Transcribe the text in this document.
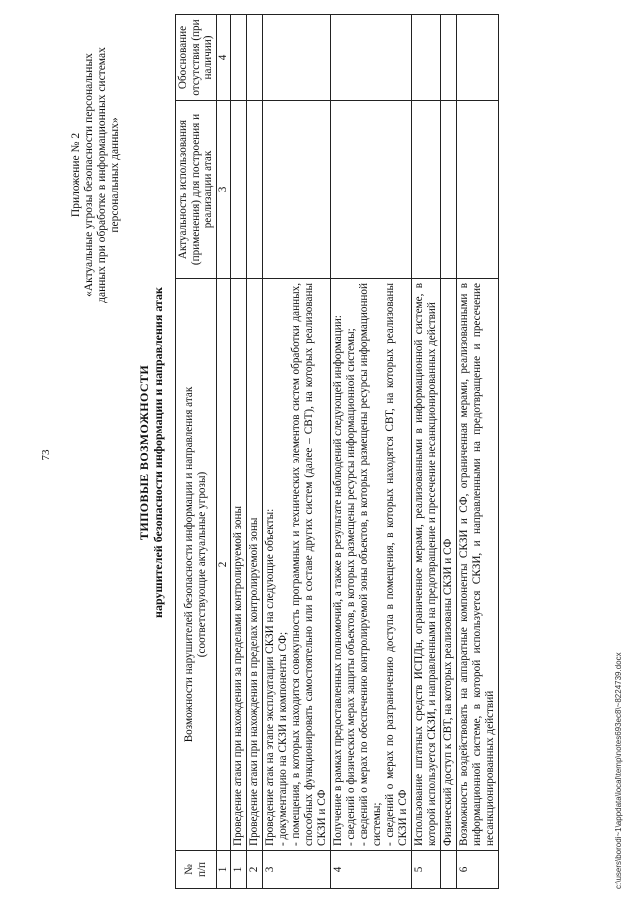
73
Приложение № 2 «Актуальные угрозы безопасности персональных данных при обработке в информационных системах персональных данных»
ТИПОВЫЕ ВОЗМОЖНОСТИ нарушителей безопасности информации и направления атак
№ п/п	Возможности нарушителей безопасности информации и направления атак (соответствующие актуальные угрозы)	Актуальность использования (применения) для построения и реализации атак	Обоснование отсутствия (при наличии)
1	2	3	4
1	Проведение атаки при нахождении за пределами контролируемой зоны		

2	Проведение атаки при нахождении в пределах контролируемой зоны		

3	Проведение атак на этапе эксплуатации СКЗИ на следующие объекты: - документацию на СКЗИ и компоненты СФ; - помещения, в которых находится совокупность программных и технических элементов систем обработки данных, способных функционировать самостоятельно или в составе других систем (далее – СВТ), на которых реализованы СКЗИ и СФ		

4	Получение в рамках предоставленных полномочий, а также в результате наблюдений следующей информации: - сведений о физических мерах защиты объектов, в которых размещены ресурсы информационной системы; - сведений о мерах по обеспечению контролируемой зоны объектов, в которых размещены ресурсы информационной системы; - сведений о мерах по разграничению доступа в помещения, в которых находятся СВТ, на которых реализованы СКЗИ и СФ		

5	Использование штатных средств ИСПДн, ограниченное мерами, реализованными в информационной системе, в которой используется СКЗИ, и направленными на предотвращение и пресечение несанкционированных действий		

	Физический доступ к СВТ, на которых реализованы СКЗИ и СФ		

6	Возможность воздействовать на аппаратные компоненты СКЗИ и СФ, ограниченная мерами, реализованными в информационной системе, в которой используется СКЗИ, и направленными на предотвращение и пресечение несанкционированных действий		
			c:\users\borodi~1\appdata\local\temp\notes693ec8\~8224739.docx
